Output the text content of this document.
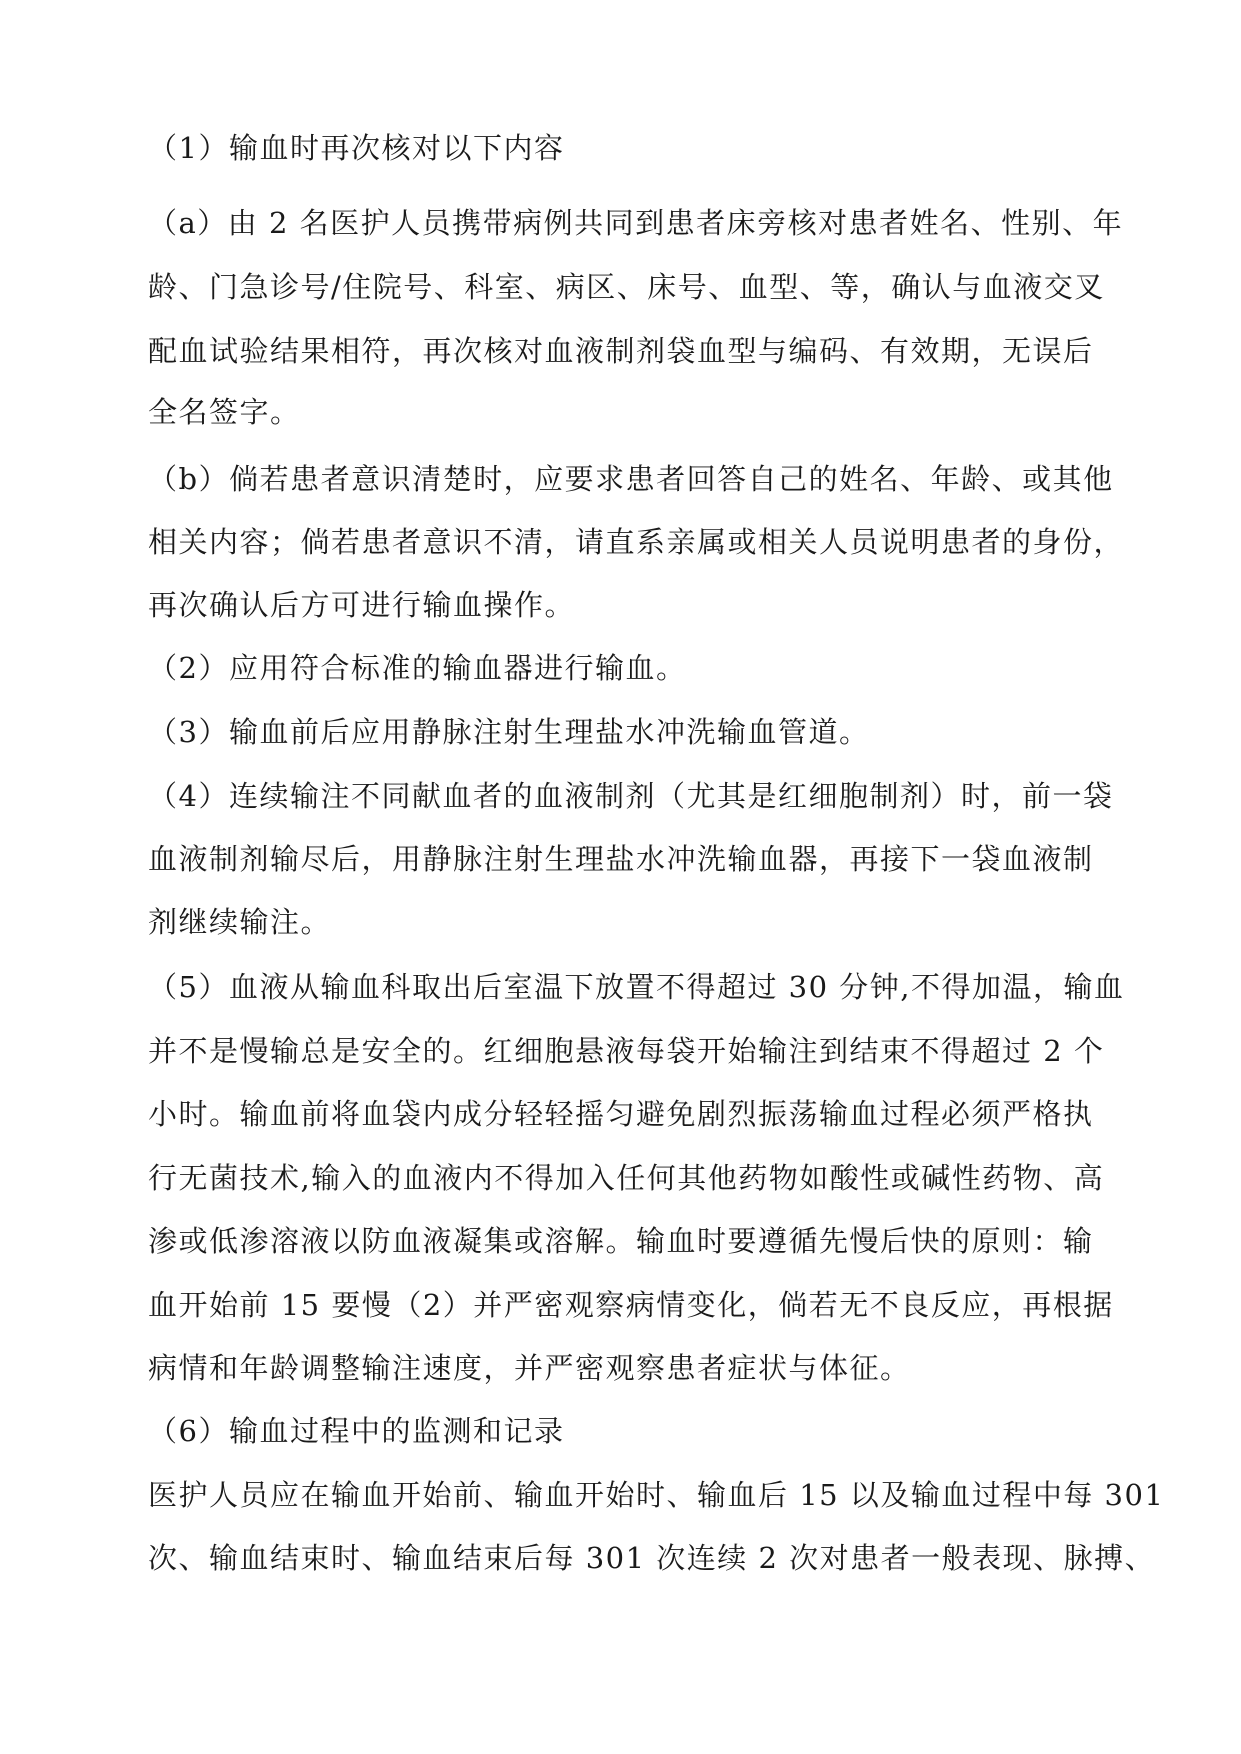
（1）输血时再次核对以下内容
（a）由 2 名医护人员携带病例共同到患者床旁核对患者姓名、性别、年
龄、门急诊号/住院号、科室、病区、床号、血型、等，确认与血液交叉
配血试验结果相符，再次核对血液制剂袋血型与编码、有效期，无误后
全名签字。
（b）倘若患者意识清楚时，应要求患者回答自己的姓名、年龄、或其他
相关内容；倘若患者意识不清，请直系亲属或相关人员说明患者的身份，
再次确认后方可进行输血操作。
（2）应用符合标准的输血器进行输血。
（3）输血前后应用静脉注射生理盐水冲洗输血管道。
（4）连续输注不同献血者的血液制剂（尤其是红细胞制剂）时，前一袋
血液制剂输尽后，用静脉注射生理盐水冲洗输血器，再接下一袋血液制
剂继续输注。
（5）血液从输血科取出后室温下放置不得超过 30 分钟,不得加温，输血
并不是慢输总是安全的。红细胞悬液每袋开始输注到结束不得超过 2 个
小时。输血前将血袋内成分轻轻摇匀避免剧烈振荡输血过程必须严格执
行无菌技术,输入的血液内不得加入任何其他药物如酸性或碱性药物、高
渗或低渗溶液以防血液凝集或溶解。输血时要遵循先慢后快的原则：输
血开始前 15 要慢（2）并严密观察病情变化，倘若无不良反应，再根据
病情和年龄调整输注速度，并严密观察患者症状与体征。
（6）输血过程中的监测和记录
医护人员应在输血开始前、输血开始时、输血后 15 以及输血过程中每 301
次、输血结束时、输血结束后每 301 次连续 2 次对患者一般表现、脉搏、
